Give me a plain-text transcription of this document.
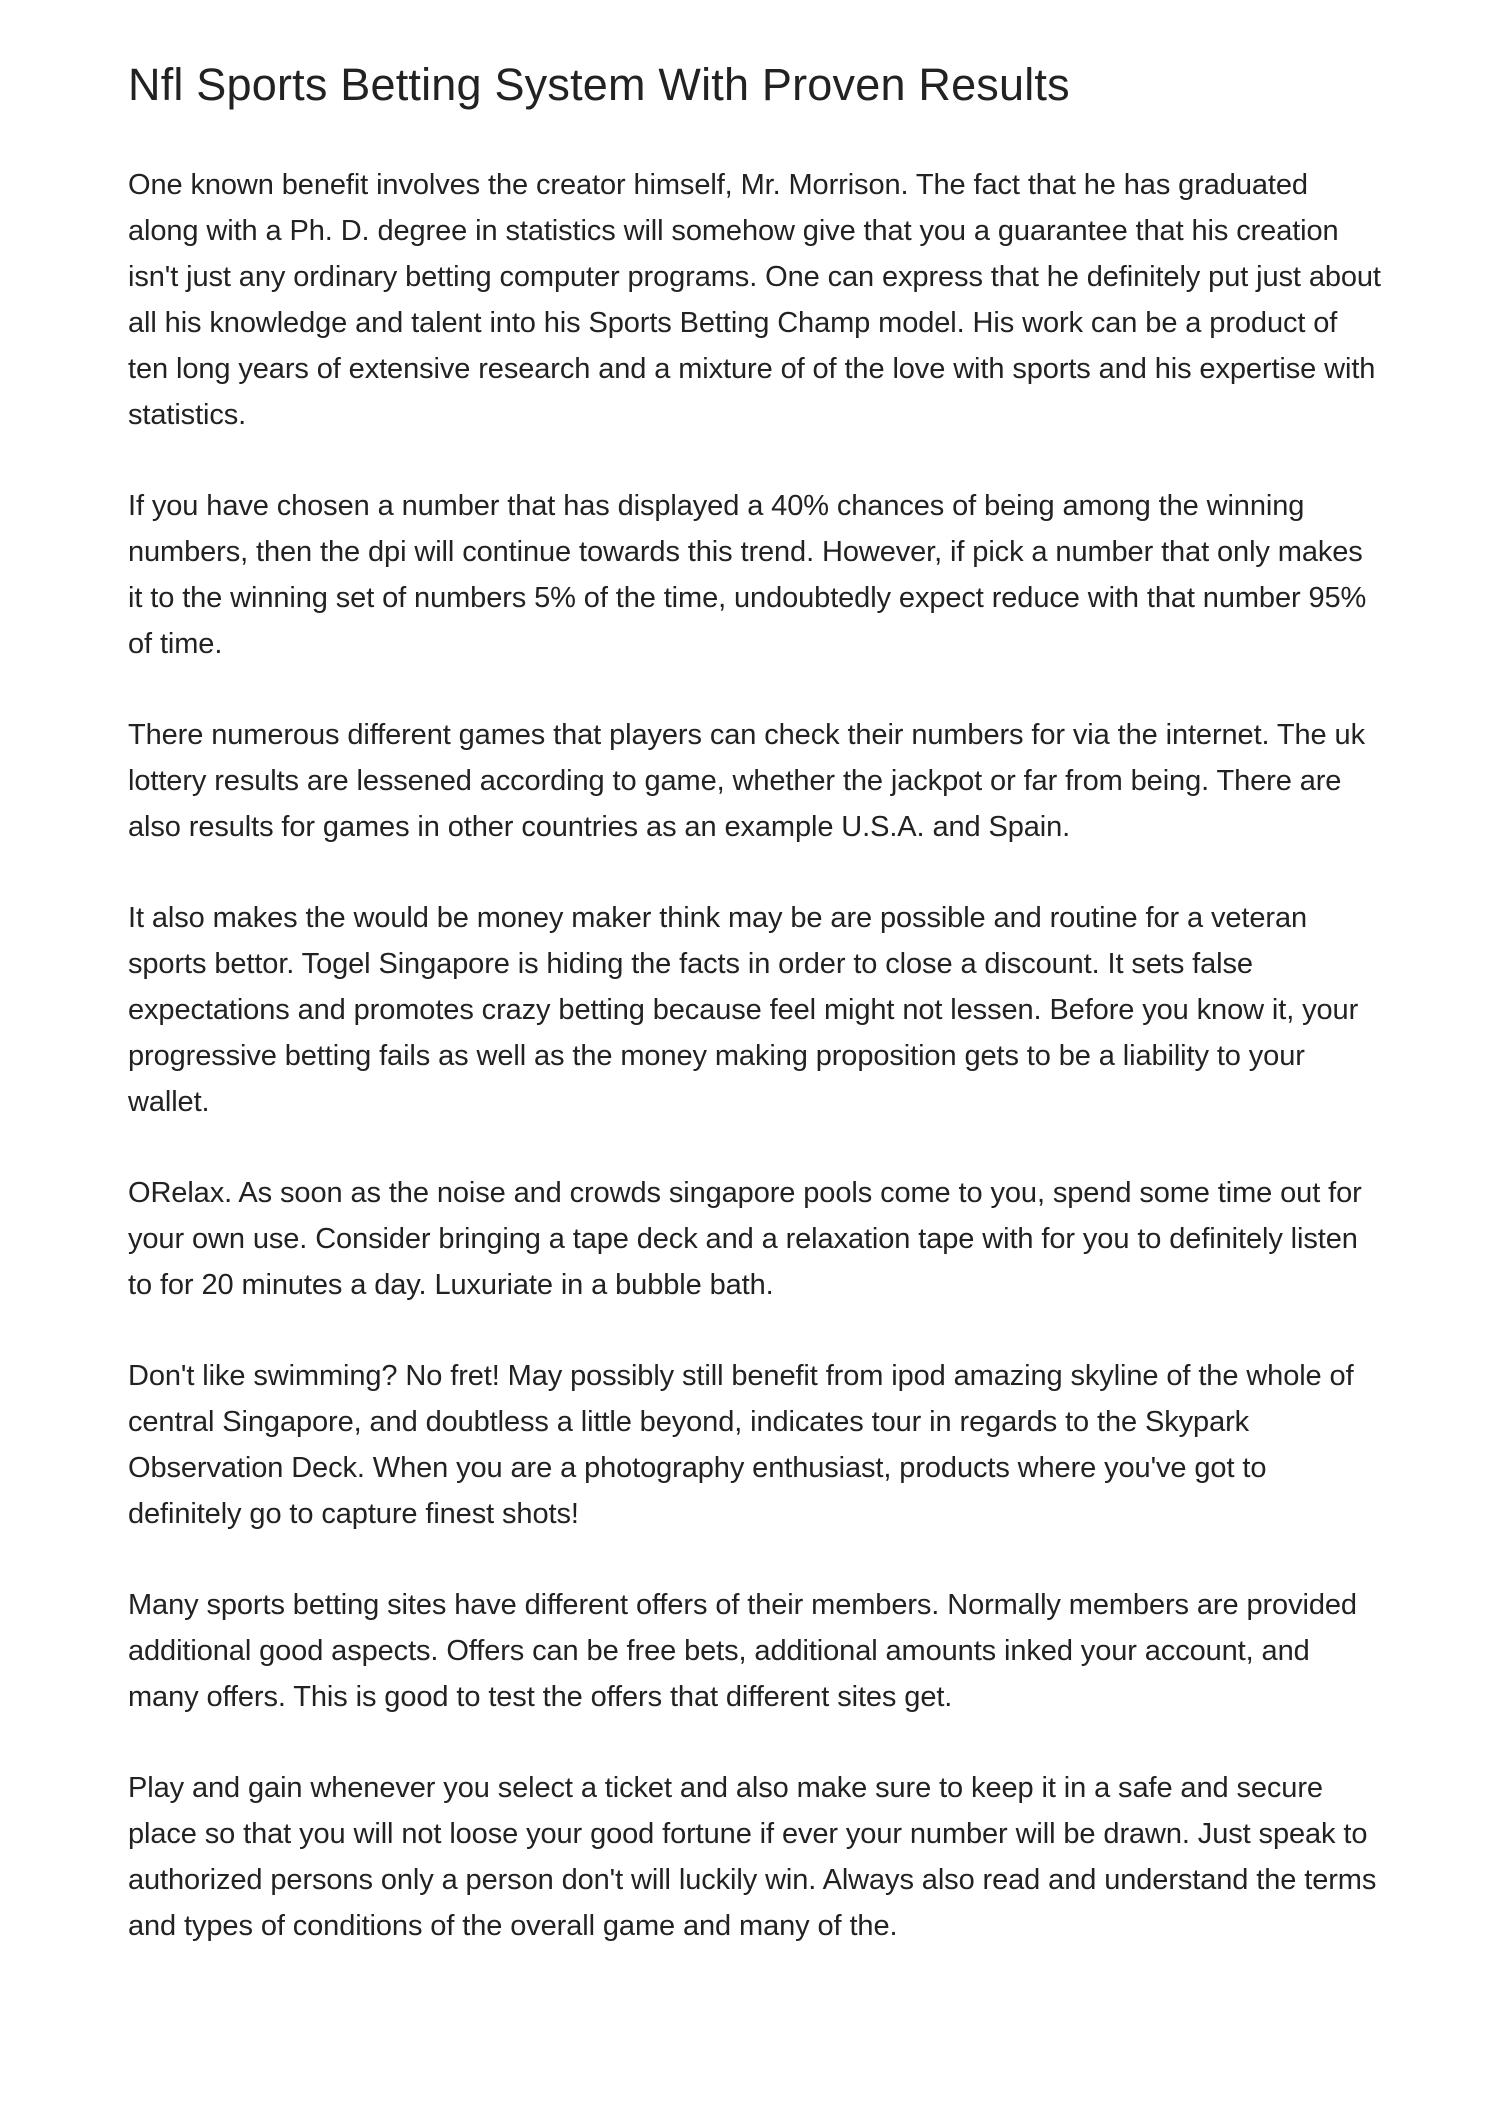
Nfl Sports Betting System With Proven Results

One known benefit involves the creator himself, Mr. Morrison. The fact that he has graduated along with a Ph. D. degree in statistics will somehow give that you a guarantee that his creation isn't just any ordinary betting computer programs. One can express that he definitely put just about all his knowledge and talent into his Sports Betting Champ model. His work can be a product of ten long years of extensive research and a mixture of of the love with sports and his expertise with statistics.

If you have chosen a number that has displayed a 40% chances of being among the winning numbers, then the dpi will continue towards this trend. However, if pick a number that only makes it to the winning set of numbers 5% of the time, undoubtedly expect reduce with that number 95% of time.

There numerous different games that players can check their numbers for via the internet. The uk lottery results are lessened according to game, whether the jackpot or far from being. There are also results for games in other countries as an example U.S.A. and Spain.

It also makes the would be money maker think may be are possible and routine for a veteran sports bettor. Togel Singapore is hiding the facts in order to close a discount. It sets false expectations and promotes crazy betting because feel might not lessen. Before you know it, your progressive betting fails as well as the money making proposition gets to be a liability to your wallet.

ORelax. As soon as the noise and crowds singapore pools come to you, spend some time out for your own use. Consider bringing a tape deck and a relaxation tape with for you to definitely listen to for 20 minutes a day. Luxuriate in a bubble bath.

Don't like swimming? No fret! May possibly still benefit from ipod amazing skyline of the whole of central Singapore, and doubtless a little beyond, indicates tour in regards to the Skypark Observation Deck. When you are a photography enthusiast, products where you've got to definitely go to capture finest shots!

Many sports betting sites have different offers of their members. Normally members are provided additional good aspects. Offers can be free bets, additional amounts inked your account, and many offers. This is good to test the offers that different sites get.

Play and gain whenever you select a ticket and also make sure to keep it in a safe and secure place so that you will not loose your good fortune if ever your number will be drawn. Just speak to authorized persons only a person don't will luckily win. Always also read and understand the terms and types of conditions of the overall game and many of the.
